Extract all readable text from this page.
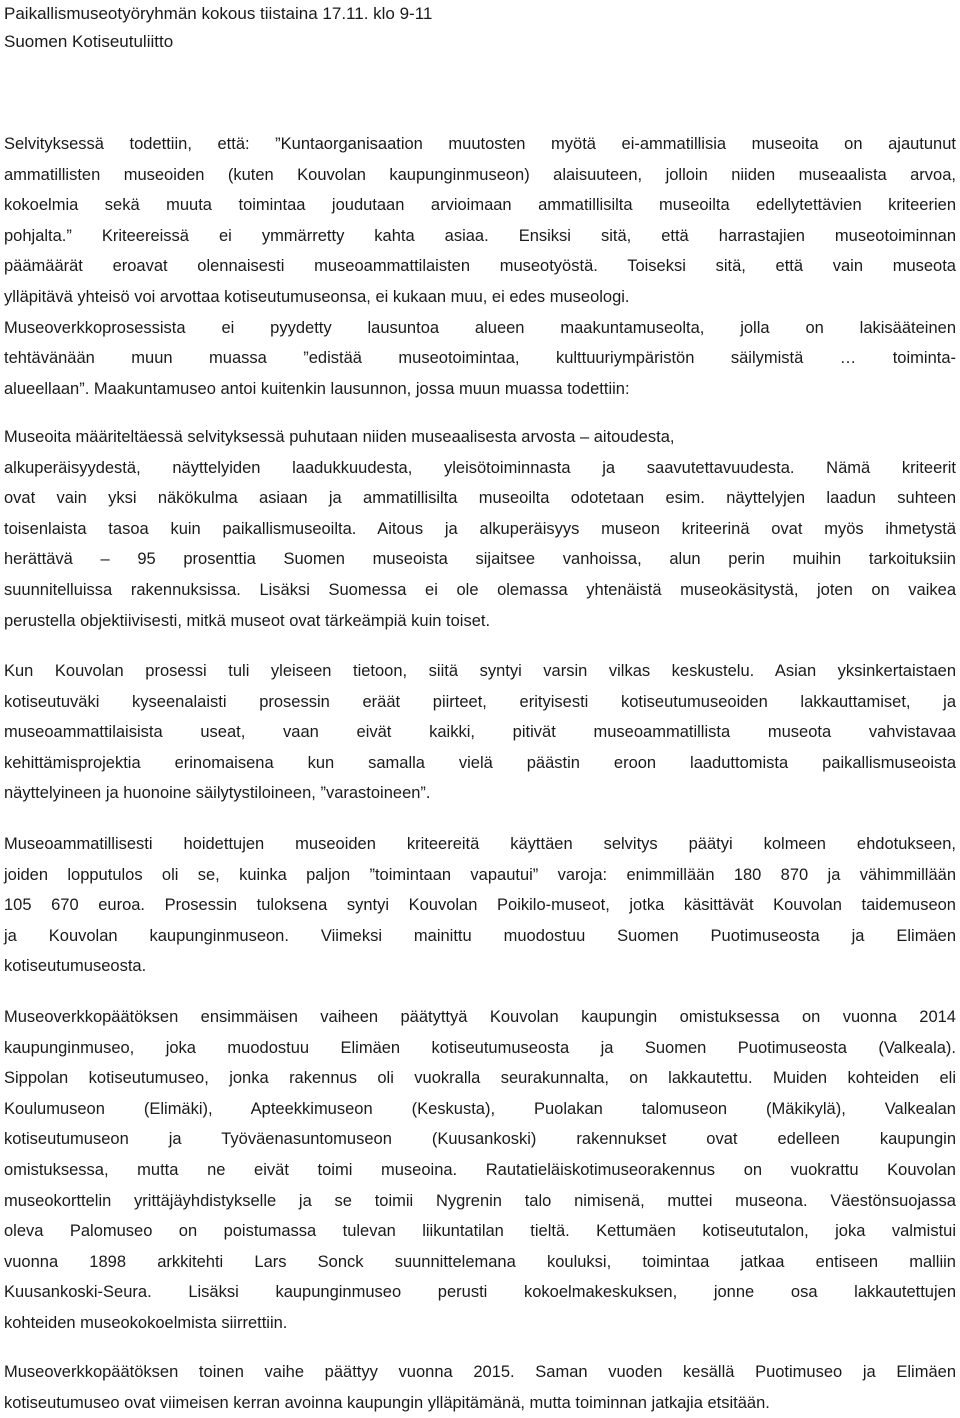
Paikallismuseotyöryhmän kokous tiistaina 17.11. klo 9-11
Suomen Kotiseutuliitto
Selvityksessä todettiin, että: ”Kuntaorganisaation muutosten myötä ei-ammatillisia museoita on ajautunut
ammatillisten museoiden (kuten Kouvolan kaupunginmuseon) alaisuuteen, jolloin niiden museaalista arvoa,
kokoelmia sekä muuta toimintaa joudutaan arvioimaan ammatillisilta museoilta edellytettävien kriteerien
pohjalta.” Kriteereissä ei ymmärretty kahta asiaa. Ensiksi sitä, että harrastajien museotoiminnan
päämäärät eroavat olennaisesti museoammattilaisten museotyöstä. Toiseksi sitä, että vain museota
ylläpitävä yhteisö voi arvottaa kotiseutumuseonsa, ei kukaan muu, ei edes museologi.
Museoverkkoprosessista ei pyydetty lausuntoa alueen maakuntamuseolta, jolla on lakisääteinen
tehtävänään muun muassa ”edistää museotoimintaa, kulttuuriympäristön säilymistä … toiminta-
alueellaan”. Maakuntamuseo antoi kuitenkin lausunnon, jossa muun muassa todettiin:
Museoita määriteltäessä selvityksessä puhutaan niiden museaalisesta arvosta – aitoudesta,
alkuperäisyydestä, näyttelyiden laadukkuudesta, yleisötoiminnasta ja saavutettavuudesta. Nämä kriteerit
ovat vain yksi näkökulma asiaan ja ammatillisilta museoilta odotetaan esim. näyttelyjen laadun suhteen
toisenlaista tasoa kuin paikallismuseoilta. Aitous ja alkuperäisyys museon kriteerinä ovat myös ihmetystä
herättävä – 95 prosenttia Suomen museoista sijaitsee vanhoissa, alun perin muihin tarkoituksiin
suunnitelluissa rakennuksissa. Lisäksi Suomessa ei ole olemassa yhtenäistä museokäsitystä, joten on vaikea
perustella objektiivisesti, mitkä museot ovat tärkeämpiä kuin toiset.
Kun Kouvolan prosessi tuli yleiseen tietoon, siitä syntyi varsin vilkas keskustelu. Asian yksinkertaistaen
kotiseutuväki kyseenalaisti prosessin eräät piirteet, erityisesti kotiseutumuseoiden lakkauttamiset, ja
museoammattilaisista useat, vaan eivät kaikki, pitivät museoammatillista museota vahvistavaa
kehittämisprojektia erinomaisena kun samalla vielä päästin eroon laaduttomista paikallismuseoista
näyttelyineen ja huonoine säilytystiloineen, ”varastoineen”.
Museoammatillisesti hoidettujen museoiden kriteereitä käyttäen selvitys päätyi kolmeen ehdotukseen,
joiden lopputulos oli se, kuinka paljon ”toimintaan vapautui” varoja: enimmillään 180 870 ja vähimmillään
105 670 euroa. Prosessin tuloksena syntyi Kouvolan Poikilo-museot, jotka käsittävät Kouvolan taidemuseon
ja Kouvolan kaupunginmuseon. Viimeksi mainittu muodostuu Suomen Puotimuseosta ja Elimäen
kotiseutumuseosta.
Museoverkkopäätöksen ensimmäisen vaiheen päätyttyä Kouvolan kaupungin omistuksessa on vuonna 2014
kaupunginmuseo, joka muodostuu Elimäen kotiseutumuseosta ja Suomen Puotimuseosta (Valkeala).
Sippolan kotiseutumuseo, jonka rakennus oli vuokralla seurakunnalta, on lakkautettu. Muiden kohteiden eli
Koulumuseon (Elimäki), Apteekkimuseon (Keskusta), Puolakan talomuseon (Mäkikylä), Valkealan
kotiseutumuseon ja Työväenasuntomuseon (Kuusankoski) rakennukset ovat edelleen kaupungin
omistuksessa, mutta ne eivät toimi museoina. Rautatieläiskotimuseorakennus on vuokrattu Kouvolan
museokorttelin yrittäjäyhdistykselle ja se toimii Nygrenin talo nimisenä, muttei museona. Väestönsuojassa
oleva Palomuseo on poistumassa tulevan liikuntatilan tieltä. Kettumäen kotiseututalon, joka valmistui
vuonna 1898 arkkitehti Lars Sonck suunnittelemana kouluksi, toimintaa jatkaa entiseen malliin
Kuusankoski-Seura. Lisäksi kaupunginmuseo perusti kokoelmakeskuksen, jonne osa lakkautettujen
kohteiden museokokoelmista siirrettiin.
Museoverkkopäätöksen toinen vaihe päättyy vuonna 2015. Saman vuoden kesällä Puotimuseo ja Elimäen
kotiseutumuseo ovat viimeisen kerran avoinna kaupungin ylläpitämänä, mutta toiminnan jatkajia etsitään.
